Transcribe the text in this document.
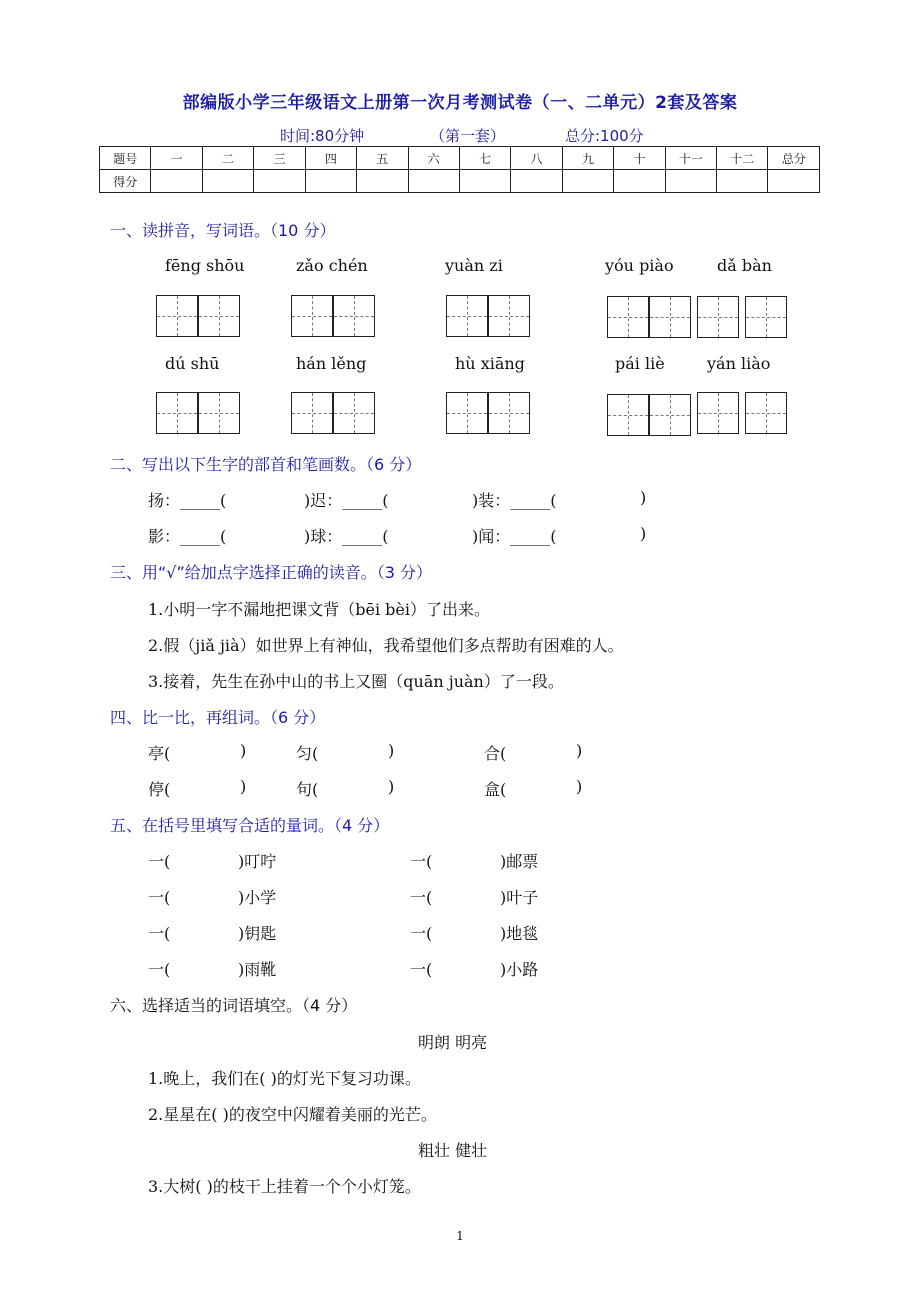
部编版小学三年级语文上册第一次月考测试卷（一、二单元）2套及答案
时间:80分钟	（第一套）	总分:100分
题号	一	二	三	四	五	六	七	八	九	十	十一	十二	总分
得分													
一、读拼音，写词语。（10 分）
fēng shōu	zǎo chén	yuàn zi	yóu piào	dǎ bàn
dú shū	hán lěng	hù xiāng	pái liè	yán liào
二、写出以下生字的部首和笔画数。（6 分）
扬：_____(	)迟：_____(	)装：_____(	)
影：_____(	)球：_____(	)闻：_____(	)
三、用“√”给加点字选择正确的读音。（3 分）
1.小明一字不漏地把课文背（bēi bèi）了出来。
2.假（jiǎ jià）如世界上有神仙，我希望他们多点帮助有困难的人。
3.接着，先生在孙中山的书上又圈（quān juàn）了一段。
四、比一比，再组词。（6 分）
亭(	)	匀(	)	合(	)
停(	)	句(	)	盒(	)
五、在括号里填写合适的量词。（4 分）
一(	)叮咛	一(	)邮票
一(	)小学	一(	)叶子
一(	)钥匙	一(	)地毯
一(	)雨靴	一(	)小路
六、选择适当的词语填空。（4 分）
明朗 明亮
1.晚上，我们在( )的灯光下复习功课。
2.星星在( )的夜空中闪耀着美丽的光芒。
粗壮 健壮
3.大树( )的枝干上挂着一个个小灯笼。
1
